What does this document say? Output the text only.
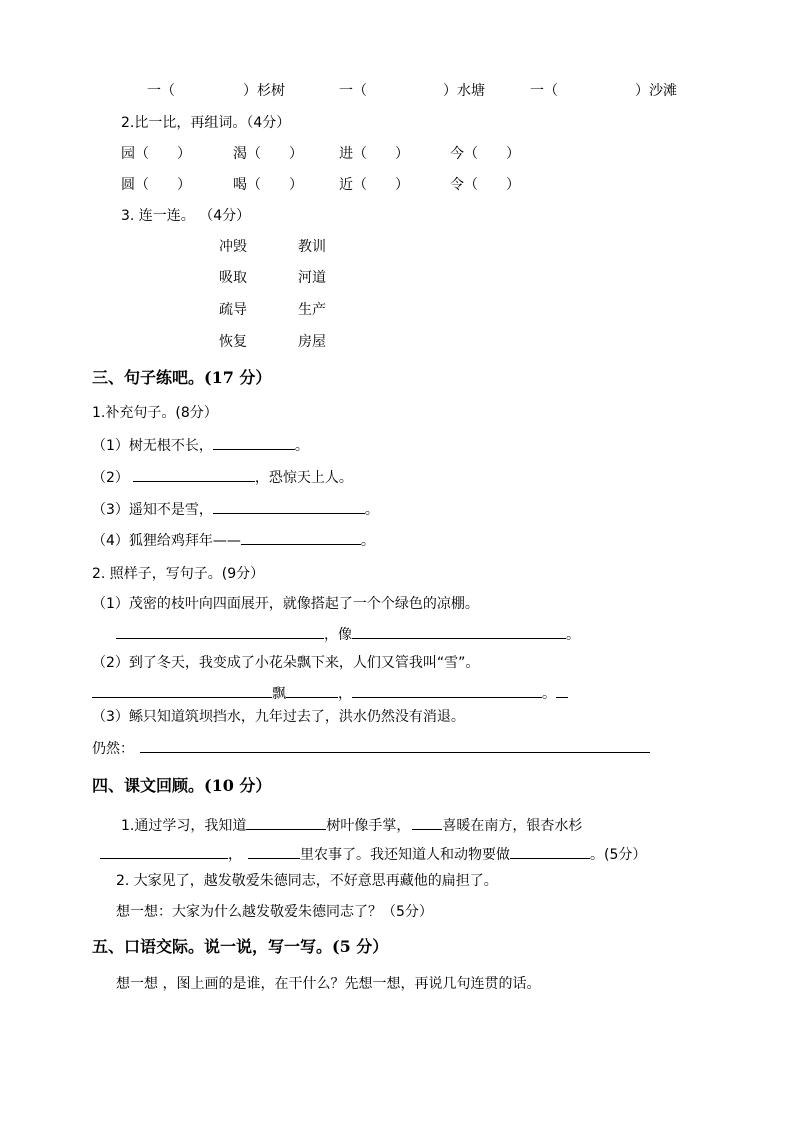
一（	）杉树	一（	）水塘	一（	）沙滩
2.比一比，再组词。（4分）
园（　　）	渴（　　）	进（　　）	今（　　）
圆（　　）	喝（　　）	近（　　）	令（　　）
3. 连一连。 （4分）
冲毁	教训
吸取	河道
疏导	生产
恢复	房屋
三、句子练吧。(17 分）
1.补充句子。(8分）
（1）树无根不长，	。
（2）	，恐惊天上人。
（3）遥知不是雪，	。
（4）狐狸给鸡拜年——	。
2. 照样子，写句子。(9分）
（1）茂密的枝叶向四面展开，就像搭起了一个个绿色的凉棚。
，像	。
（2）到了冬天，我变成了小花朵飘下来，人们又管我叫“雪”。
飘	，	。
（3）鲧只知道筑坝挡水，九年过去了，洪水仍然没有消退。
仍然：
四、课文回顾。(10 分）
1.通过学习，我知道	树叶像手掌， 喜暖在南方，银杏水杉
，	里农事了。我还知道人和动物要做	。(5分）
2. 大家见了，越发敬爱朱德同志，不好意思再藏他的扁担了。
想一想：大家为什么越发敬爱朱德同志了？（5分）
五、口语交际。说一说，写一写。(5 分）
想一想 ，图上画的是谁，在干什么？先想一想，再说几句连贯的话。
